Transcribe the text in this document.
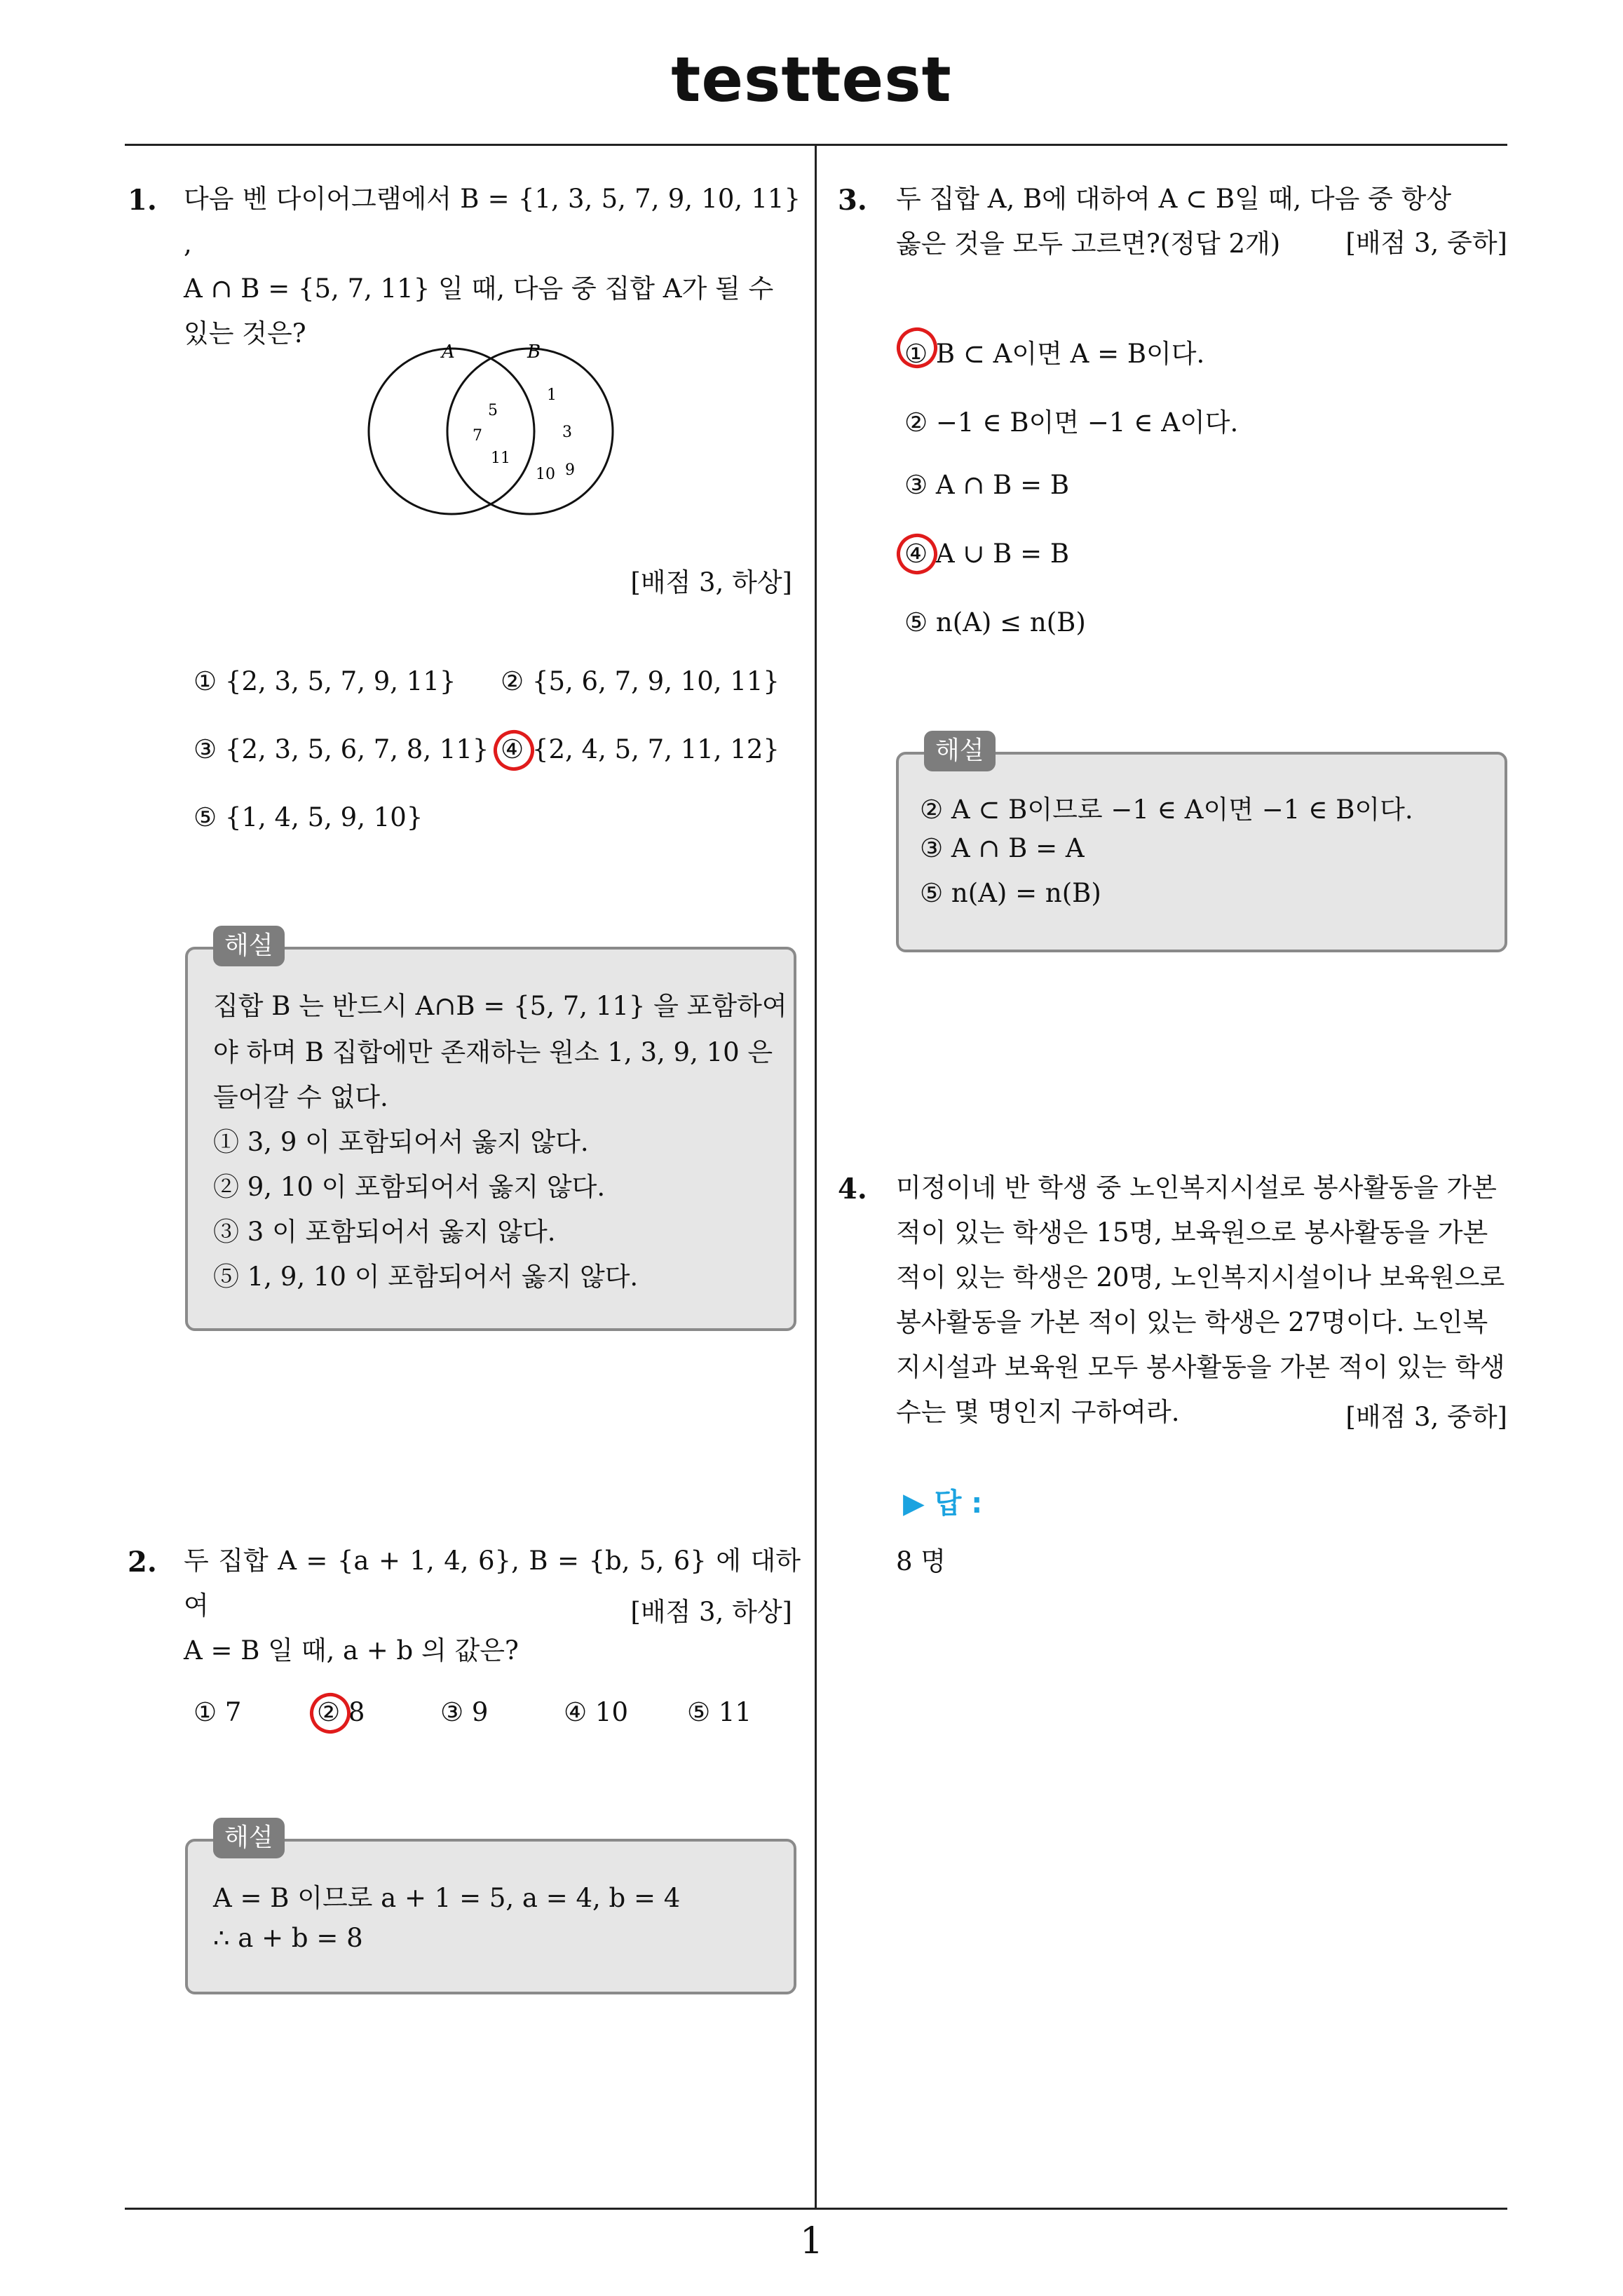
testtest
1. 다음 벤 다이어그램에서 B = {1, 3, 5, 7, 9, 10, 11} ,
A ∩ B = {5, 7, 11} 일 때, 다음 중 집합 A가 될 수
있는 것은?
A	B
5
7
11
1
3
10 9
[배점 3, 하상]
① {2, 3, 5, 7, 9, 11} ② {5, 6, 7, 9, 10, 11}
③ {2, 3, 5, 6, 7, 8, 11} ④ {2, 4, 5, 7, 11, 12}
⑤ {1, 4, 5, 9, 10}
집합 B 는 반드시 A∩B = {5, 7, 11} 을 포함하여
야 하며 B 집합에만 존재하는 원소 1, 3, 9, 10 은
들어갈 수 없다.
① 3, 9 이 포함되어서 옳지 않다.
② 9, 10 이 포함되어서 옳지 않다.
③ 3 이 포함되어서 옳지 않다.
⑤ 1, 9, 10 이 포함되어서 옳지 않다.
해설
2. 두 집합 A = {a + 1, 4, 6}, B = {b, 5, 6} 에 대하여
A = B 일 때, a + b 의 값은?
[배점 3, 하상]
① 7	② 8	③ 9	④ 10 ⑤ 11
A = B 이므로 a + 1 = 5, a = 4, b = 4
∴ a + b = 8
해설
3. 두 집합 A, B에 대하여 A ⊂ B일 때, 다음 중 항상
옳은 것을 모두 고르면?(정답 2개)	[배점 3, 중하]
① B ⊂ A이면 A = B이다.
② −1 ∈ B이면 −1 ∈ A이다.
③ A ∩ B = B
④ A ∪ B = B
⑤ n(A) ≤ n(B)
② A ⊂ B이므로 −1 ∈ A이면 −1 ∈ B이다.
③ A ∩ B = A
⑤ n(A) = n(B)
해설
4. 미정이네 반 학생 중 노인복지시설로 봉사활동을 가본
적이 있는 학생은 15명, 보육원으로 봉사활동을 가본
적이 있는 학생은 20명, 노인복지시설이나 보육원으로
봉사활동을 가본 적이 있는 학생은 27명이다. 노인복
지시설과 보육원 모두 봉사활동을 가본 적이 있는 학생
수는 몇 명인지 구하여라.	[배점 3, 중하]
▶ 답 :
8 명
1
